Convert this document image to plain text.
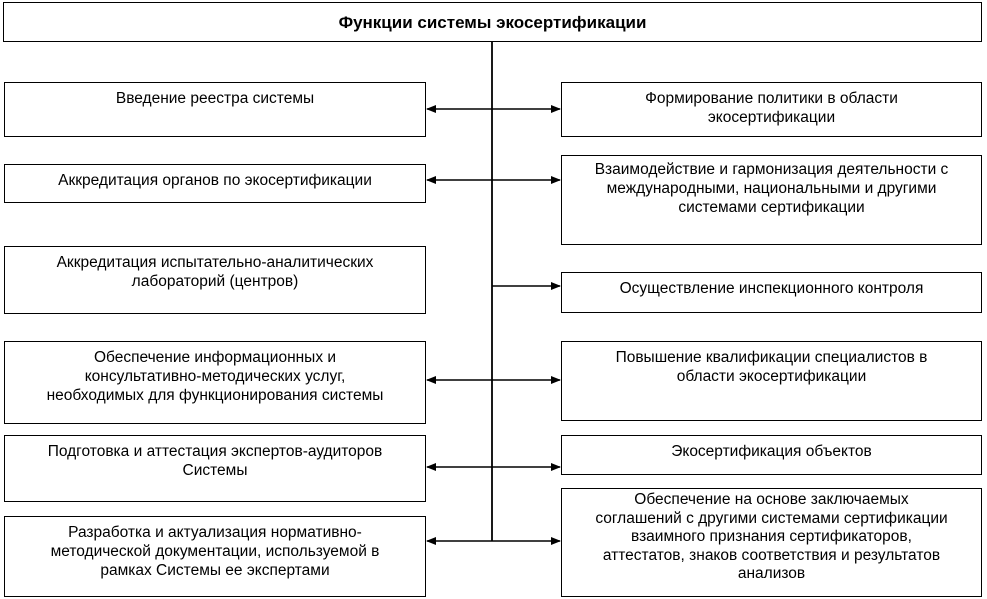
Функции системы экосертификации
Введение реестра системы
Аккредитация органов по экосертификации
Аккредитация испытательно-аналитических
лабораторий (центров)
Обеспечение информационных и
консультативно-методических услуг,
необходимых для функционирования системы
Подготовка и аттестация экспертов-аудиторов
Системы
Разработка и актуализация нормативно-
методической документации, используемой в
рамках Системы ее экспертами
Формирование политики в области
экосертификации
Взаимодействие и гармонизация деятельности с
международными, национальными и другими
системами сертификации
Осуществление инспекционного контроля
Повышение квалификации специалистов в
области экосертификации
Экосертификация объектов
Обеспечение на основе заключаемых
соглашений с другими системами сертификации
взаимного признания сертификаторов,
аттестатов, знаков соответствия и результатов
анализов
